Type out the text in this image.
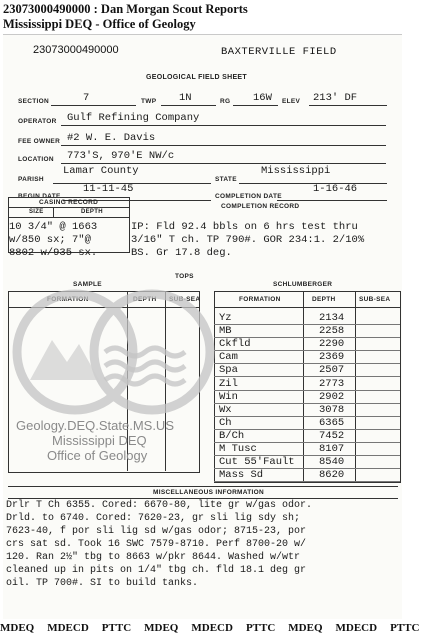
23073000490000 : Dan Morgan Scout Reports
Mississippi DEQ - Office of Geology
23073000490000	BAXTERVILLE FIELD
GEOLOGICAL FIELD SHEET
SECTION	7	TWP 1N	RG 16W ELEV 213' DF
OPERATOR Gulf Refining Company
FEE OWNER #2 W. E. Davis
LOCATION 773'S, 970'E NW/c
PARISH
Lamar County
STATE
Mississippi
BEGIN DATE
11-11-45
COMPLETION DATE
1-16-46
CASING RECORD
SIZE	DEPTH
COMPLETION RECORD
10 3/4" @ 1663
w/850 sx; 7"@
8802 w/935 sx.
IP: Fld 92.4 bbls on 6 hrs test thru
3/16" T ch. TP 790#. GOR 234:1. 2/10%
BS. Gr 17.8 deg.
TOPS
SAMPLE	SCHLUMBERGER
FORMATION	DEPTH SUB-SEA	FORMATION	DEPTH	SUB-SEA
Yz	2134
MB	2258
Ckfld	2290
Cam	2369
Spa	2507
Zil	2773
Win	2902
Wx	3078
Ch	6365
B/Ch	7452
M Tusc	8107
Cut 55'Fault 8540
Mass Sd	8620
MISCELLANEOUS INFORMATION
Drlr T Ch 6355. Cored: 6670-80, lite gr w/gas odor.
Drld. to 6740. Cored: 7620-23, gr sli lig sdy sh;
7623-40, f por sli lig sd w/gas odor; 8715-23, por
crs sat sd. Took 16 SWC 7579-8710. Perf 8700-20 w/
120. Ran 2½" tbg to 8663 w/pkr 8644. Washed w/wtr
cleaned up in pits on 1/4" tbg ch. fld 18.1 deg gr
oil. TP 700#. SI to build tanks.
Geology.DEQ.State.MS.US
Mississippi DEQ
Office of Geology
MDEQ MDECD PTTC MDEQ MDECD PTTC MDEQ MDECD PTTC
